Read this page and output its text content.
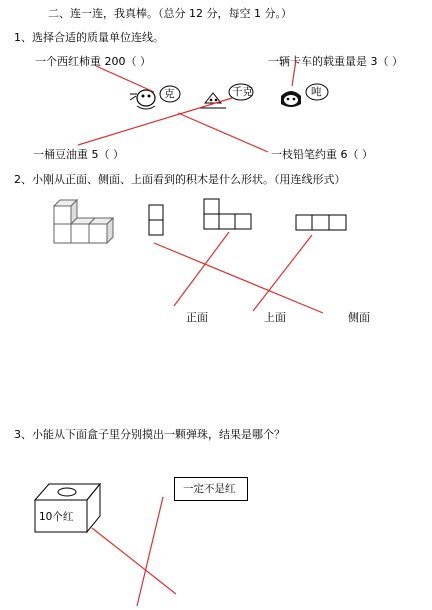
二、连一连，我真棒。（总分 12 分，每空 1 分。）
1、选择合适的质量单位连线。
一个西红柿重 200（ ）	一辆卡车的载重量是 3（ ）
一桶豆油重 5（ ）	一枝铅笔约重 6（ ）
克	千克	吨
2、小刚从正面、侧面、上面看到的积木是什么形状。（用连线形式）
正面	上面	侧面
3、小能从下面盒子里分别摸出一颗弹珠，结果是哪个？
10个红
一定不是红
